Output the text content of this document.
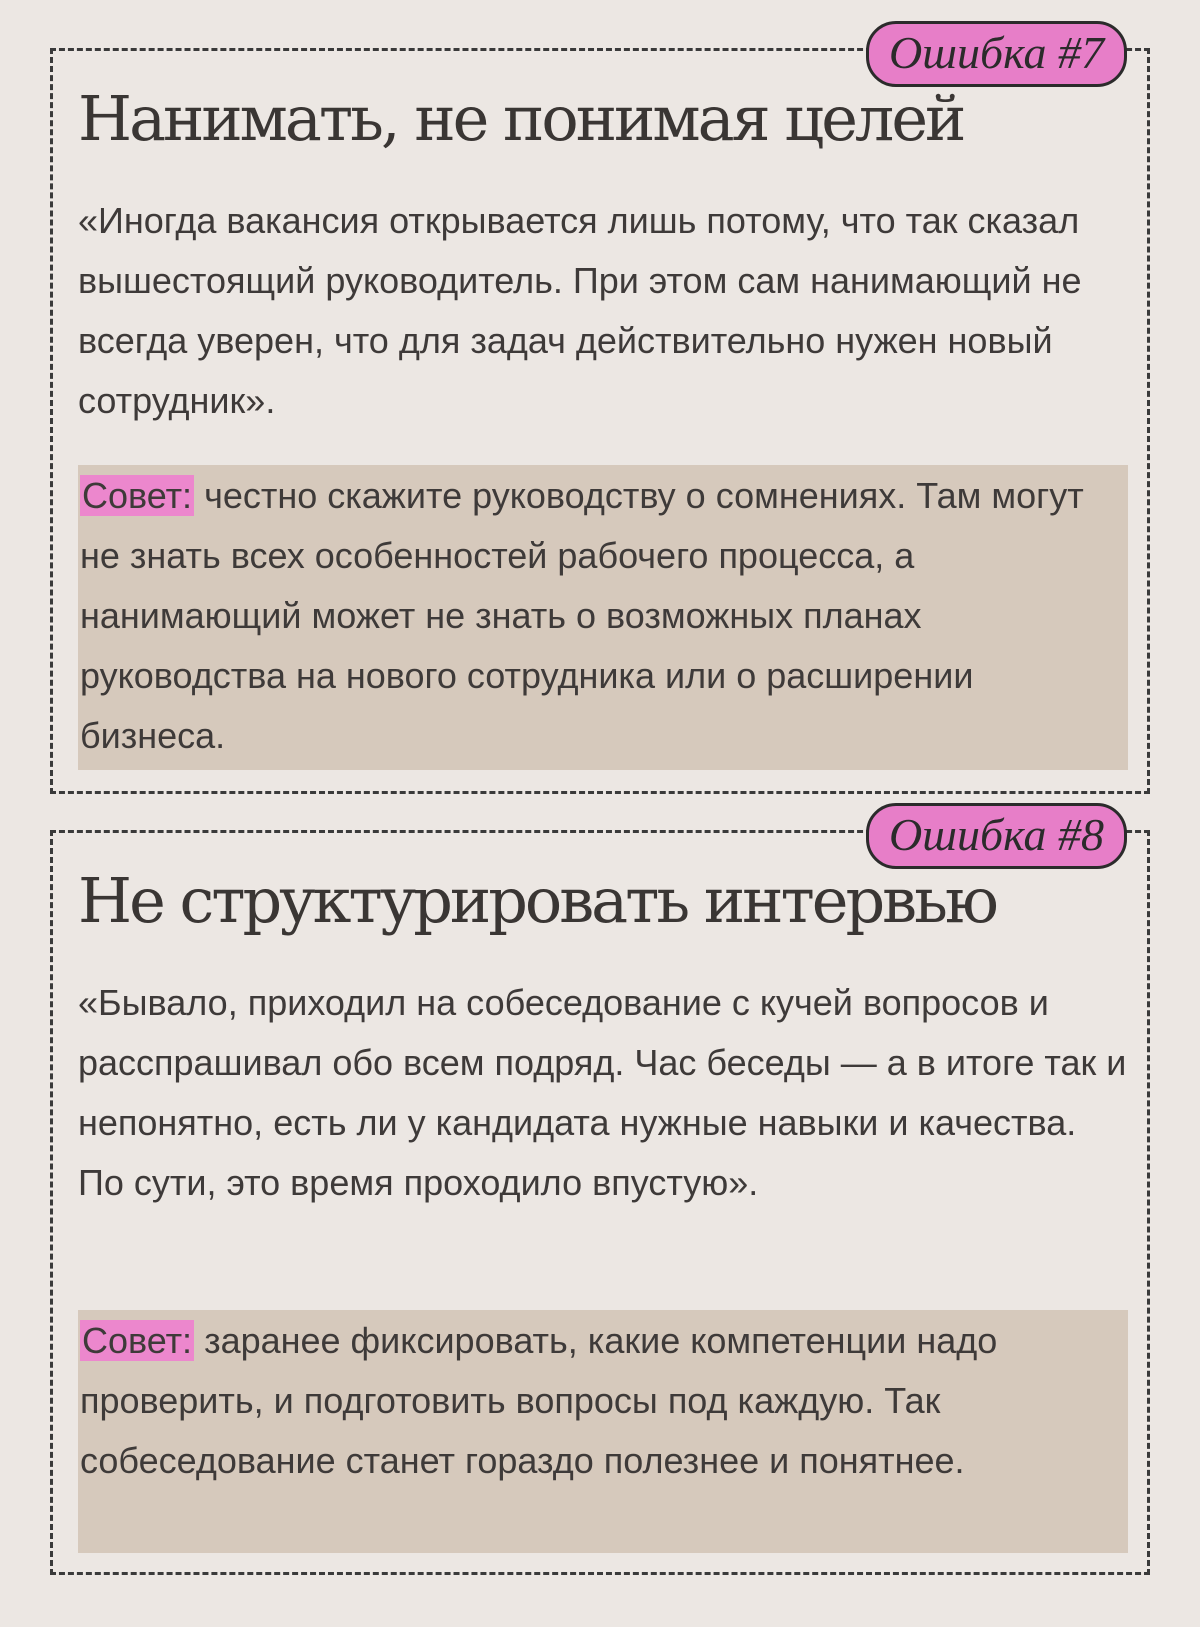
Ошибка #7
Нанимать, не понимая целей

«Иногда вакансия открывается лишь потому, что так сказал вышестоящий руководитель. При этом сам нанимающий не всегда уверен, что для задач действительно нужен новый сотрудник».

Совет: честно скажите руководству о сомнениях. Там могут не знать всех особенностей рабочего процесса, а нанимающий может не знать о возможных планах руководства на нового сотрудника или о расширении бизнеса.

Ошибка #8
Не структурировать интервью

«Бывало, приходил на собеседование с кучей вопросов и расспрашивал обо всем подряд. Час беседы — а в итоге так и непонятно, есть ли у кандидата нужные навыки и качества. По сути, это время проходило впустую».

Совет: заранее фиксировать, какие компетенции надо проверить, и подготовить вопросы под каждую. Так собеседование станет гораздо полезнее и понятнее.
